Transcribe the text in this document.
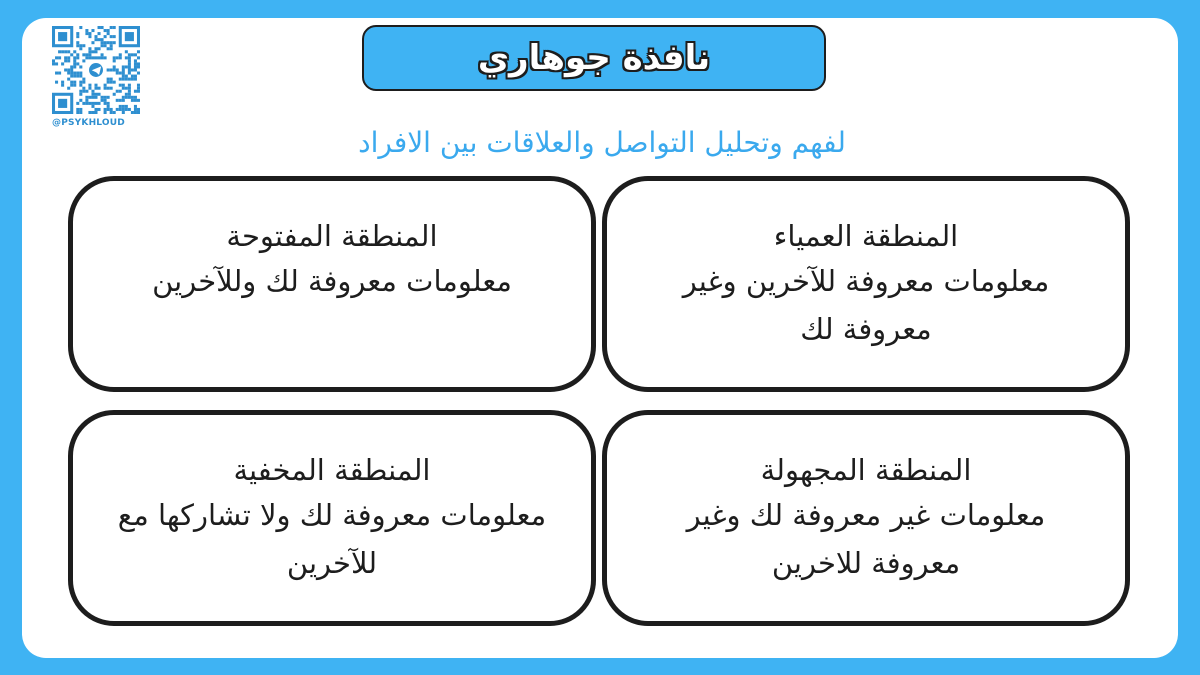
@PSYKHLOUD
نافذة جوهاري
لفهم وتحليل التواصل والعلاقات بين الافراد
المنطقة العمياء
معلومات معروفة للآخرين وغير معروفة لك
المنطقة المفتوحة
معلومات معروفة لك وللآخرين
المنطقة المجهولة
معلومات غير معروفة لك وغير معروفة للاخرين
المنطقة المخفية
معلومات معروفة لك ولا تشاركها مع للآخرين
